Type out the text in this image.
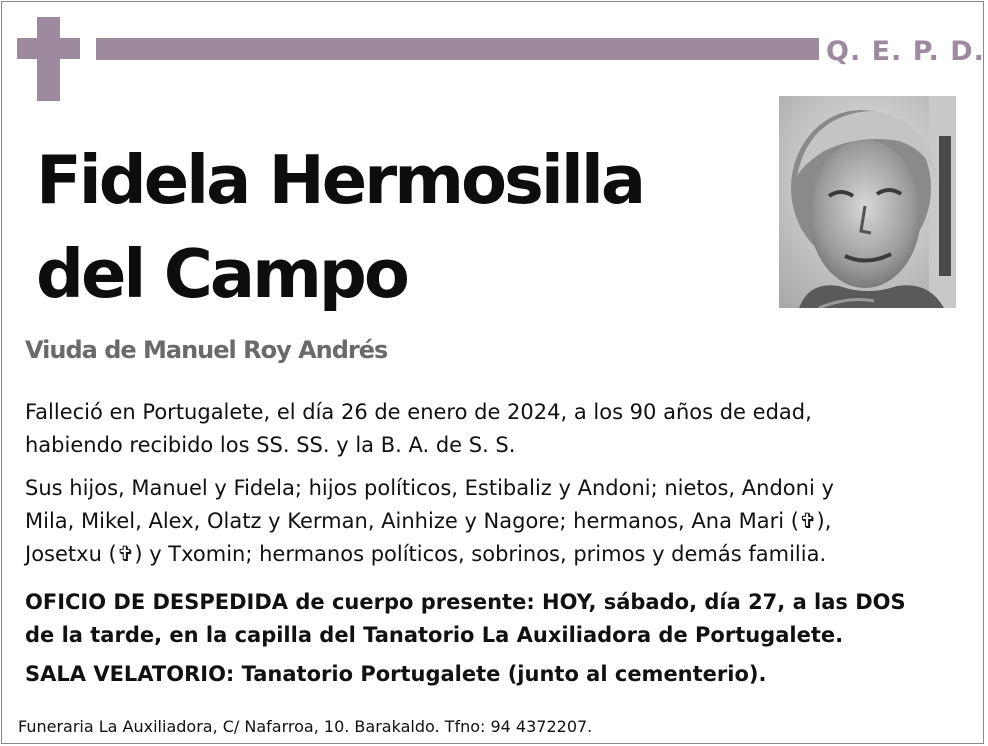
Q. E. P. D.
Fidela Hermosilla
del Campo
Viuda de Manuel Roy Andrés
Falleció en Portugalete, el día 26 de enero de 2024, a los 90 años de edad,
habiendo recibido los SS. SS. y la B. A. de S. S.
Sus hijos, Manuel y Fidela; hijos políticos, Estibaliz y Andoni; nietos, Andoni y
Mila, Mikel, Alex, Olatz y Kerman, Ainhize y Nagore; hermanos, Ana Mari (✞),
Josetxu (✞) y Txomin; hermanos políticos, sobrinos, primos y demás familia.
OFICIO DE DESPEDIDA de cuerpo presente: HOY, sábado, día 27, a las DOS
de la tarde, en la capilla del Tanatorio La Auxiliadora de Portugalete.
SALA VELATORIO: Tanatorio Portugalete (junto al cementerio).
Funeraria La Auxiliadora, C/ Nafarroa, 10. Barakaldo. Tfno: 94 4372207.
